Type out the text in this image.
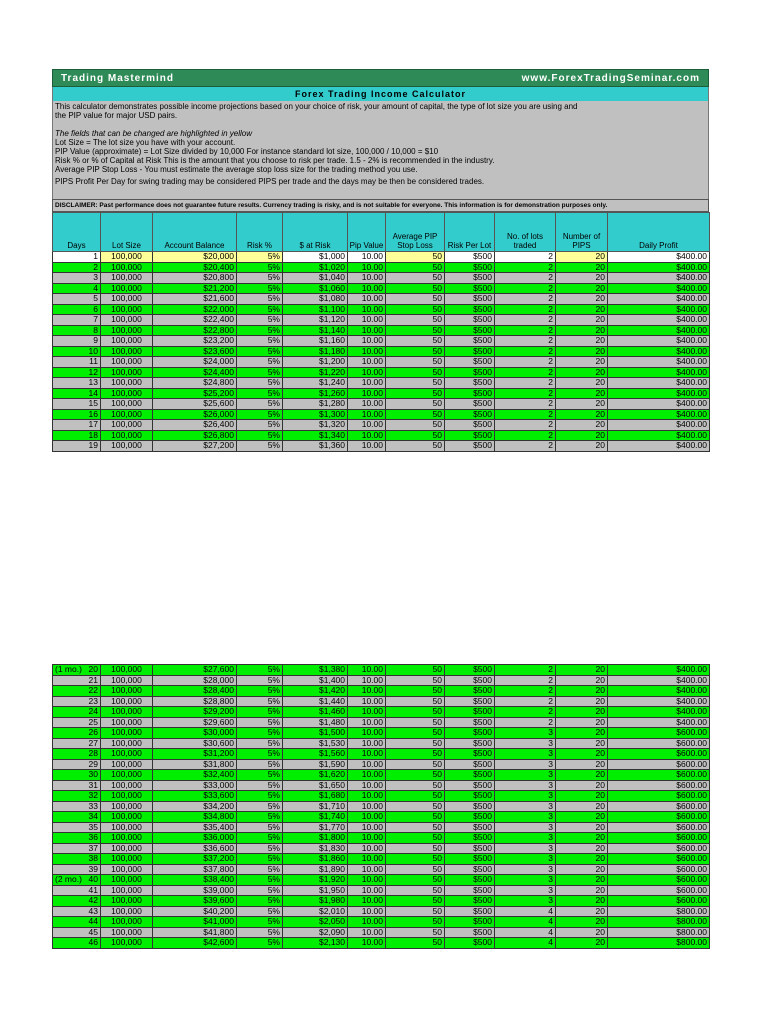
Trading Mastermind	www.ForexTradingSeminar.com
Forex Trading Income Calculator

This calculator demonstrates possible income projections based on your choice of risk, your amount of capital, the type of lot size you are using and

the PIP value for major USD pairs.

The fields that can be changed are highlighted in yellow

Lot Size = The lot size you have with your account.

PIP Value (approximate) = Lot Size divided by 10,000 For instance standard lot size, 100,000 / 10,000 = $10

Risk % or % of Capital at Risk This is the amount that you choose to risk per trade. 1.5 - 2% is recommended in the industry.

Average PIP Stop Loss - You must estimate the average stop loss size for the trading method you use.

PIPS Profit Per Day for swing trading may be considered PIPS per trade and the days may be then be considered trades.

DISCLAIMER: Past performance does not guarantee future results. Currency trading is risky, and is not suitable for everyone. This information is for demonstration purposes only.
Days	Lot Size	Account Balance	Risk %	$ at Risk	Pip Value	Average PIP Stop Loss	Risk Per Lot	No. of lots traded	Number of PIPS	Daily Profit
1	100,000	$20,000	5%	$1,000	10.00	50	$500	2	20	$400.00
2	100,000	$20,400	5%	$1,020	10.00	50	$500	2	20	$400.00
3	100,000	$20,800	5%	$1,040	10.00	50	$500	2	20	$400.00
4	100,000	$21,200	5%	$1,060	10.00	50	$500	2	20	$400.00
5	100,000	$21,600	5%	$1,080	10.00	50	$500	2	20	$400.00
6	100,000	$22,000	5%	$1,100	10.00	50	$500	2	20	$400.00
7	100,000	$22,400	5%	$1,120	10.00	50	$500	2	20	$400.00
8	100,000	$22,800	5%	$1,140	10.00	50	$500	2	20	$400.00
9	100,000	$23,200	5%	$1,160	10.00	50	$500	2	20	$400.00
10	100,000	$23,600	5%	$1,180	10.00	50	$500	2	20	$400.00
11	100,000	$24,000	5%	$1,200	10.00	50	$500	2	20	$400.00
12	100,000	$24,400	5%	$1,220	10.00	50	$500	2	20	$400.00
13	100,000	$24,800	5%	$1,240	10.00	50	$500	2	20	$400.00
14	100,000	$25,200	5%	$1,260	10.00	50	$500	2	20	$400.00
15	100,000	$25,600	5%	$1,280	10.00	50	$500	2	20	$400.00
16	100,000	$26,000	5%	$1,300	10.00	50	$500	2	20	$400.00
17	100,000	$26,400	5%	$1,320	10.00	50	$500	2	20	$400.00
18	100,000	$26,800	5%	$1,340	10.00	50	$500	2	20	$400.00
19	100,000	$27,200	5%	$1,360	10.00	50	$500	2	20	$400.00
(1 mo.) 20	100,000	$27,600	5%	$1,380	10.00	50	$500	2	20	$400.00
21	100,000	$28,000	5%	$1,400	10.00	50	$500	2	20	$400.00
22	100,000	$28,400	5%	$1,420	10.00	50	$500	2	20	$400.00
23	100,000	$28,800	5%	$1,440	10.00	50	$500	2	20	$400.00
24	100,000	$29,200	5%	$1,460	10.00	50	$500	2	20	$400.00
25	100,000	$29,600	5%	$1,480	10.00	50	$500	2	20	$400.00
26	100,000	$30,000	5%	$1,500	10.00	50	$500	3	20	$600.00
27	100,000	$30,600	5%	$1,530	10.00	50	$500	3	20	$600.00
28	100,000	$31,200	5%	$1,560	10.00	50	$500	3	20	$600.00
29	100,000	$31,800	5%	$1,590	10.00	50	$500	3	20	$600.00
30	100,000	$32,400	5%	$1,620	10.00	50	$500	3	20	$600.00
31	100,000	$33,000	5%	$1,650	10.00	50	$500	3	20	$600.00
32	100,000	$33,600	5%	$1,680	10.00	50	$500	3	20	$600.00
33	100,000	$34,200	5%	$1,710	10.00	50	$500	3	20	$600.00
34	100,000	$34,800	5%	$1,740	10.00	50	$500	3	20	$600.00
35	100,000	$35,400	5%	$1,770	10.00	50	$500	3	20	$600.00
36	100,000	$36,000	5%	$1,800	10.00	50	$500	3	20	$600.00
37	100,000	$36,600	5%	$1,830	10.00	50	$500	3	20	$600.00
38	100,000	$37,200	5%	$1,860	10.00	50	$500	3	20	$600.00
39	100,000	$37,800	5%	$1,890	10.00	50	$500	3	20	$600.00

(2 mo.) 40	100,000	$38,400	5%	$1,920	10.00	50	$500	3	20	$600.00
41	100,000	$39,000	5%	$1,950	10.00	50	$500	3	20	$600.00
42	100,000	$39,600	5%	$1,980	10.00	50	$500	3	20	$600.00
43	100,000	$40,200	5%	$2,010	10.00	50	$500	4	20	$800.00
44	100,000	$41,000	5%	$2,050	10.00	50	$500	4	20	$800.00
45	100,000	$41,800	5%	$2,090	10.00	50	$500	4	20	$800.00
46	100,000	$42,600	5%	$2,130	10.00	50	$500	4	20	$800.00
